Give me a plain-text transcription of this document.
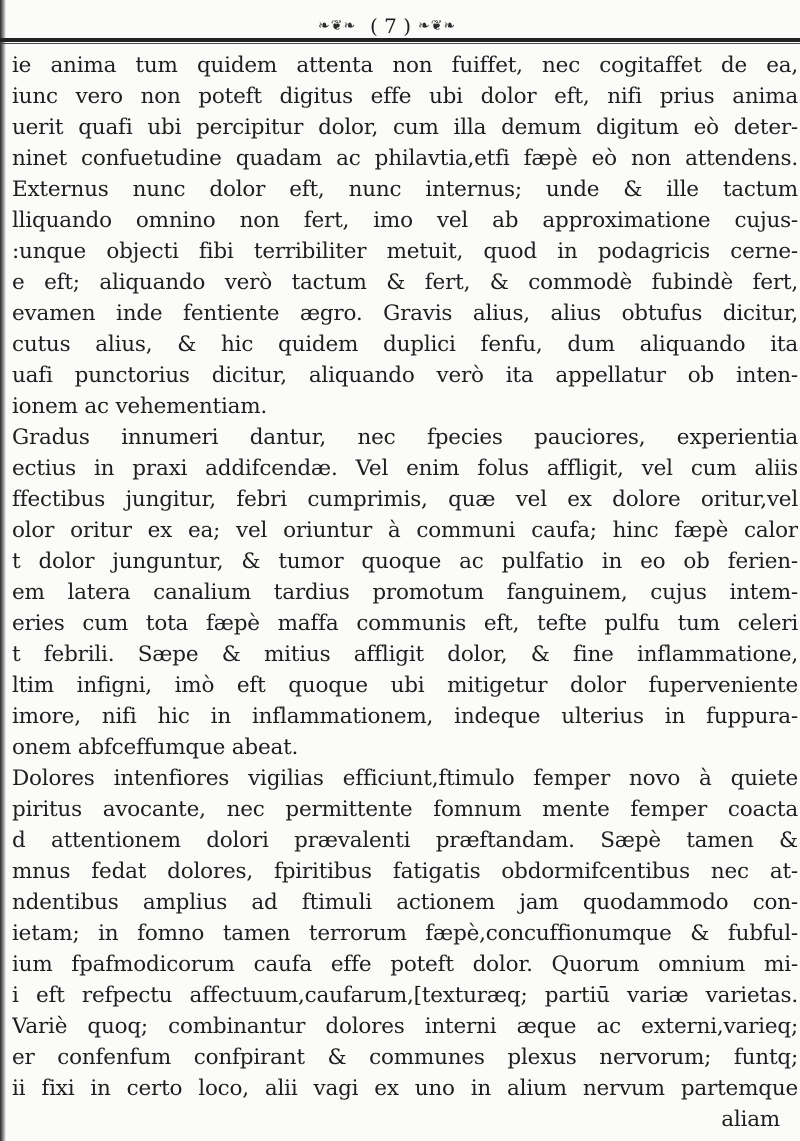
❧❦❧ ( 7 ) ❧❦❧
ie anima tum quidem attenta non fuiffet, nec cogitaffet de ea,
iunc vero non poteft digitus effe ubi dolor eft, nifi prius anima
uerit quafi ubi percipitur dolor, cum illa demum digitum eò deter-
ninet confuetudine quadam ac philavtia,etfi fæpè eò non attendens.
Externus nunc dolor eft, nunc internus; unde & ille tactum
lliquando omnino non fert, imo vel ab approximatione cujus-
:unque objecti fibi terribiliter metuit, quod in podagricis cerne-
e eft; aliquando verò tactum & fert, & commodè fubindè fert,
evamen inde fentiente ægro. Gravis alius, alius obtufus dicitur,
cutus alius, & hic quidem duplici fenfu, dum aliquando ita
uafi punctorius dicitur, aliquando verò ita appellatur ob inten-
ionem ac vehementiam.
Gradus innumeri dantur, nec fpecies pauciores, experientia
ectius in praxi addifcendæ. Vel enim folus affligit, vel cum aliis
ffectibus jungitur, febri cumprimis, quæ vel ex dolore oritur,vel
olor oritur ex ea; vel oriuntur à communi caufa; hinc fæpè calor
t dolor junguntur, & tumor quoque ac pulfatio in eo ob ferien-
em latera canalium tardius promotum fanguinem, cujus intem-
eries cum tota fæpè maffa communis eft, tefte pulfu tum celeri
t febrili. Sæpe & mitius affligit dolor, & fine inflammatione,
ltim infigni, imò eft quoque ubi mitigetur dolor fuperveniente
imore, nifi hic in inflammationem, indeque ulterius in fuppura-
onem abfceffumque abeat.
Dolores intenfiores vigilias efficiunt,ftimulo femper novo à quiete
piritus avocante, nec permittente fomnum mente femper coacta
d attentionem dolori prævalenti præftandam. Sæpè tamen &
mnus fedat dolores, fpiritibus fatigatis obdormifcentibus nec at-
ndentibus amplius ad ftimuli actionem jam quodammodo con-
ietam; in fomno tamen terrorum fæpè,concuffionumque & fubful-
ium fpafmodicorum caufa effe poteft dolor. Quorum omnium mi-
i eft refpectu affectuum,caufarum,[texturæq; partiū variæ varietas.
Variè quoq; combinantur dolores interni æque ac externi,varieq;
er confenfum confpirant & communes plexus nervorum; funtq;
ii fixi in certo loco, alii vagi ex uno in alium nervum partemque
aliam
